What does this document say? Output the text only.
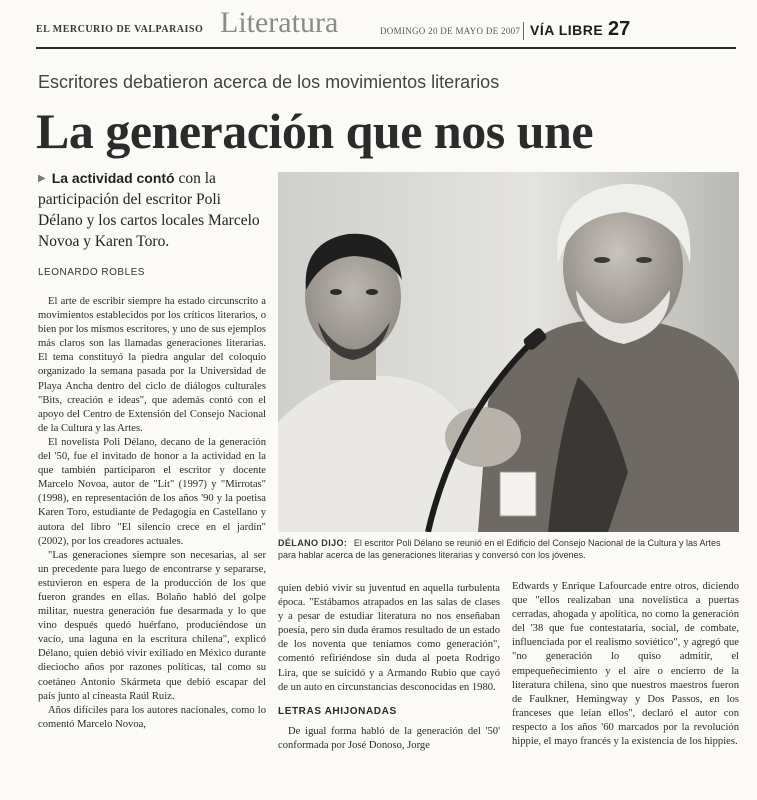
EL MERCURIO DE VALPARAISO Literatura	DOMINGO 20 DE MAYO DE 2007 VÍA LIBRE 27
Escritores debatieron acerca de los movimientos literarios
La generación que nos une
▶ La actividad contó con la participación del escritor Poli Délano y los cartos locales Marcelo Novoa y Karen Toro.
LEONARDO ROBLES
DÉLANO DIJO: El escritor Poli Délano se reunió en el Edificio del Consejo Nacional de la Cultura y las Artes para hablar acerca de las generaciones literarias y conversó con los jóvenes.

El arte de escribir siempre ha estado circunscrito a movimientos establecidos por los críticos literarios, o bien por los mismos escritores, y uno de sus ejemplos más claros son las llamadas generaciones literarias. El tema constituyó la piedra angular del coloquio organizado la semana pasada por la Universidad de Playa Ancha dentro del ciclo de diálogos culturales "Bits, creación e ideas", que además contó con el apoyo del Centro de Extensión del Consejo Nacional de la Cultura y las Artes.

El novelista Poli Délano, decano de la generación del '50, fue el invitado de honor a la actividad en la que también participaron el escritor y docente Marcelo Novoa, autor de "Lit" (1997) y "Mirrotas" (1998), en representación de los años '90 y la poetisa Karen Toro, estudiante de Pedagogía en Castellano y autora del libro "El silencio crece en el jardín" (2002), por los creadores actuales.

"Las generaciones siempre son necesarias, al ser un precedente para luego de encontrarse y separarse, estuvieron en espera de la producción de los que fueron grandes en ellas. Bolaño habló del golpe militar, nuestra generación fue desarmada y lo que vino después quedó huérfano, produciéndose un vacío, una laguna en la escritura chilena", explicó Délano, quien debió vivir exiliado en México durante dieciocho años por razones políticas, tal como su coetáneo Antonio Skármeta que debió escapar del país junto al cineasta Raúl Ruiz.

Años difíciles para los autores nacionales, como lo comentó Marcelo Novoa,

quien debió vivir su juventud en aquella turbulenta época. "Estábamos atrapados en las salas de clases y a pesar de estudiar literatura no nos enseñaban poesía, pero sin duda éramos resultado de un estado de los noventa que teníamos como generación", comentó refiriéndose sin duda al poeta Rodrigo Lira, que se suicidó y a Armando Rubio que cayó de un auto en circunstancias desconocidas en 1980.

LETRAS AHIJONADAS

De igual forma habló de la generación del '50' conformada por José Donoso, Jorge

Edwards y Enrique Lafourcade entre otros, diciendo que "ellos realizaban una novelística a puertas cerradas, ahogada y apolítica, no como la generación del '38 que fue contestataria, social, de combate, influenciada por el realismo soviético", y agregó que "no generación lo quiso admitir, el empequeñecimiento y el aire o encierro de la literatura chilena, sino que nuestros maestros fueron de Faulkner, Hemingway y Dos Passos, en los franceses que leían ellos", declaró el autor con respecto a los años '60 marcados por la revolución hippie, el mayo francés y la existencia de los hippies.
